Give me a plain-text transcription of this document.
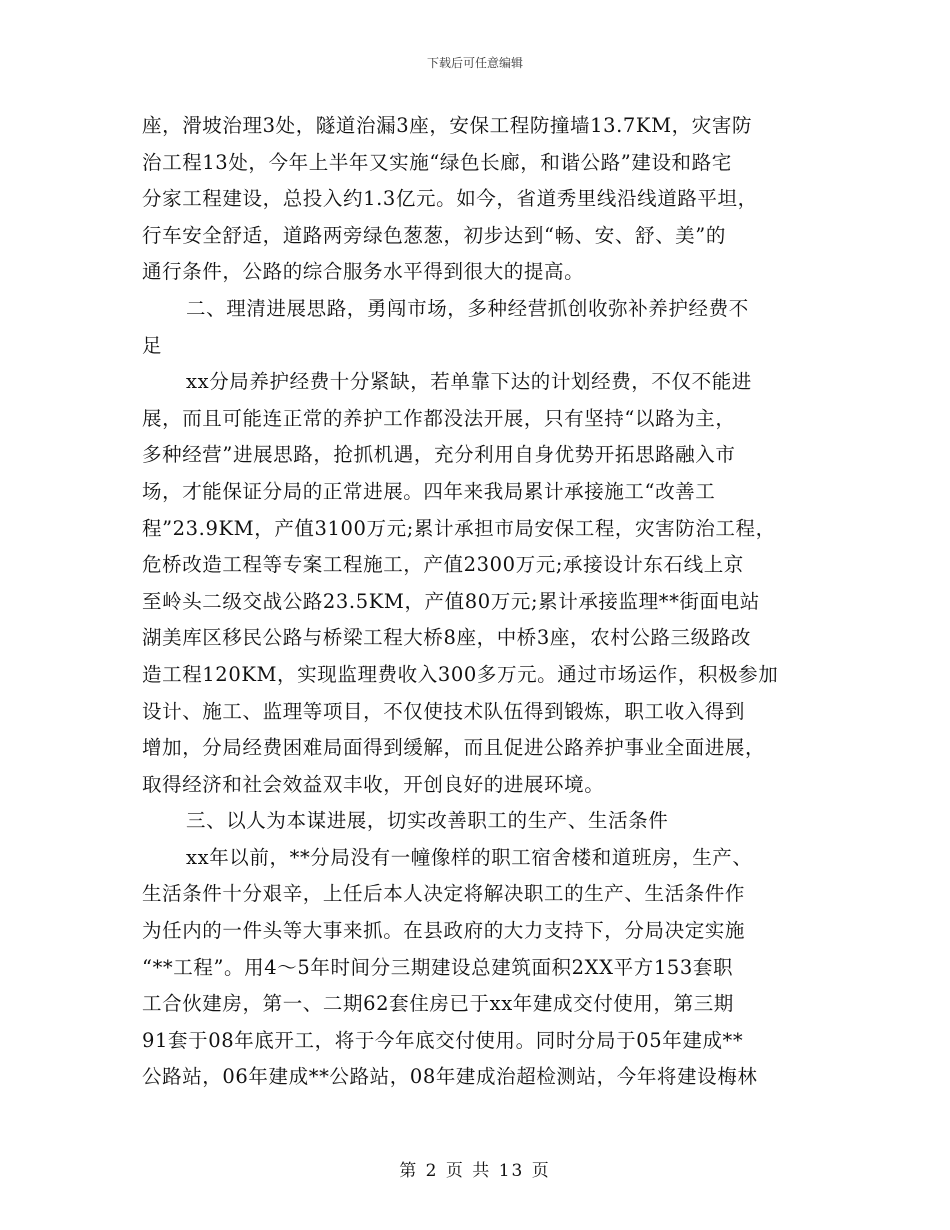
下载后可任意编辑
座，滑坡治理3处，隧道治漏3座，安保工程防撞墙13.7KM，灾害防
治工程13处，今年上半年又实施“绿色长廊，和谐公路”建设和路宅
分家工程建设，总投入约1.3亿元。如今，省道秀里线沿线道路平坦，
行车安全舒适，道路两旁绿色葱葱，初步达到“畅、安、舒、美”的
通行条件，公路的综合服务水平得到很大的提高。
二、理清进展思路，勇闯市场，多种经营抓创收弥补养护经费不
足
xx分局养护经费十分紧缺，若单靠下达的计划经费，不仅不能进
展，而且可能连正常的养护工作都没法开展，只有坚持“以路为主，
多种经营”进展思路，抢抓机遇，充分利用自身优势开拓思路融入市
场，才能保证分局的正常进展。四年来我局累计承接施工“改善工
程”23.9KM，产值3100万元;累计承担市局安保工程，灾害防治工程，
危桥改造工程等专案工程施工，产值2300万元;承接设计东石线上京
至岭头二级交战公路23.5KM，产值80万元;累计承接监理**街面电站
湖美库区移民公路与桥梁工程大桥8座，中桥3座，农村公路三级路改
造工程120KM，实现监理费收入300多万元。通过市场运作，积极参加
设计、施工、监理等项目，不仅使技术队伍得到锻炼，职工收入得到
增加，分局经费困难局面得到缓解，而且促进公路养护事业全面进展，
取得经济和社会效益双丰收，开创良好的进展环境。
三、以人为本谋进展，切实改善职工的生产、生活条件
xx年以前，**分局没有一幢像样的职工宿舍楼和道班房，生产、
生活条件十分艰辛，上任后本人决定将解决职工的生产、生活条件作
为任内的一件头等大事来抓。在县政府的大力支持下，分局决定实施
“**工程”。用4～5年时间分三期建设总建筑面积2XX平方153套职
工合伙建房，第一、二期62套住房已于xx年建成交付使用，第三期
91套于08年底开工，将于今年底交付使用。同时分局于05年建成**
公路站，06年建成**公路站，08年建成治超检测站，今年将建设梅林
第 2 页 共 13 页
